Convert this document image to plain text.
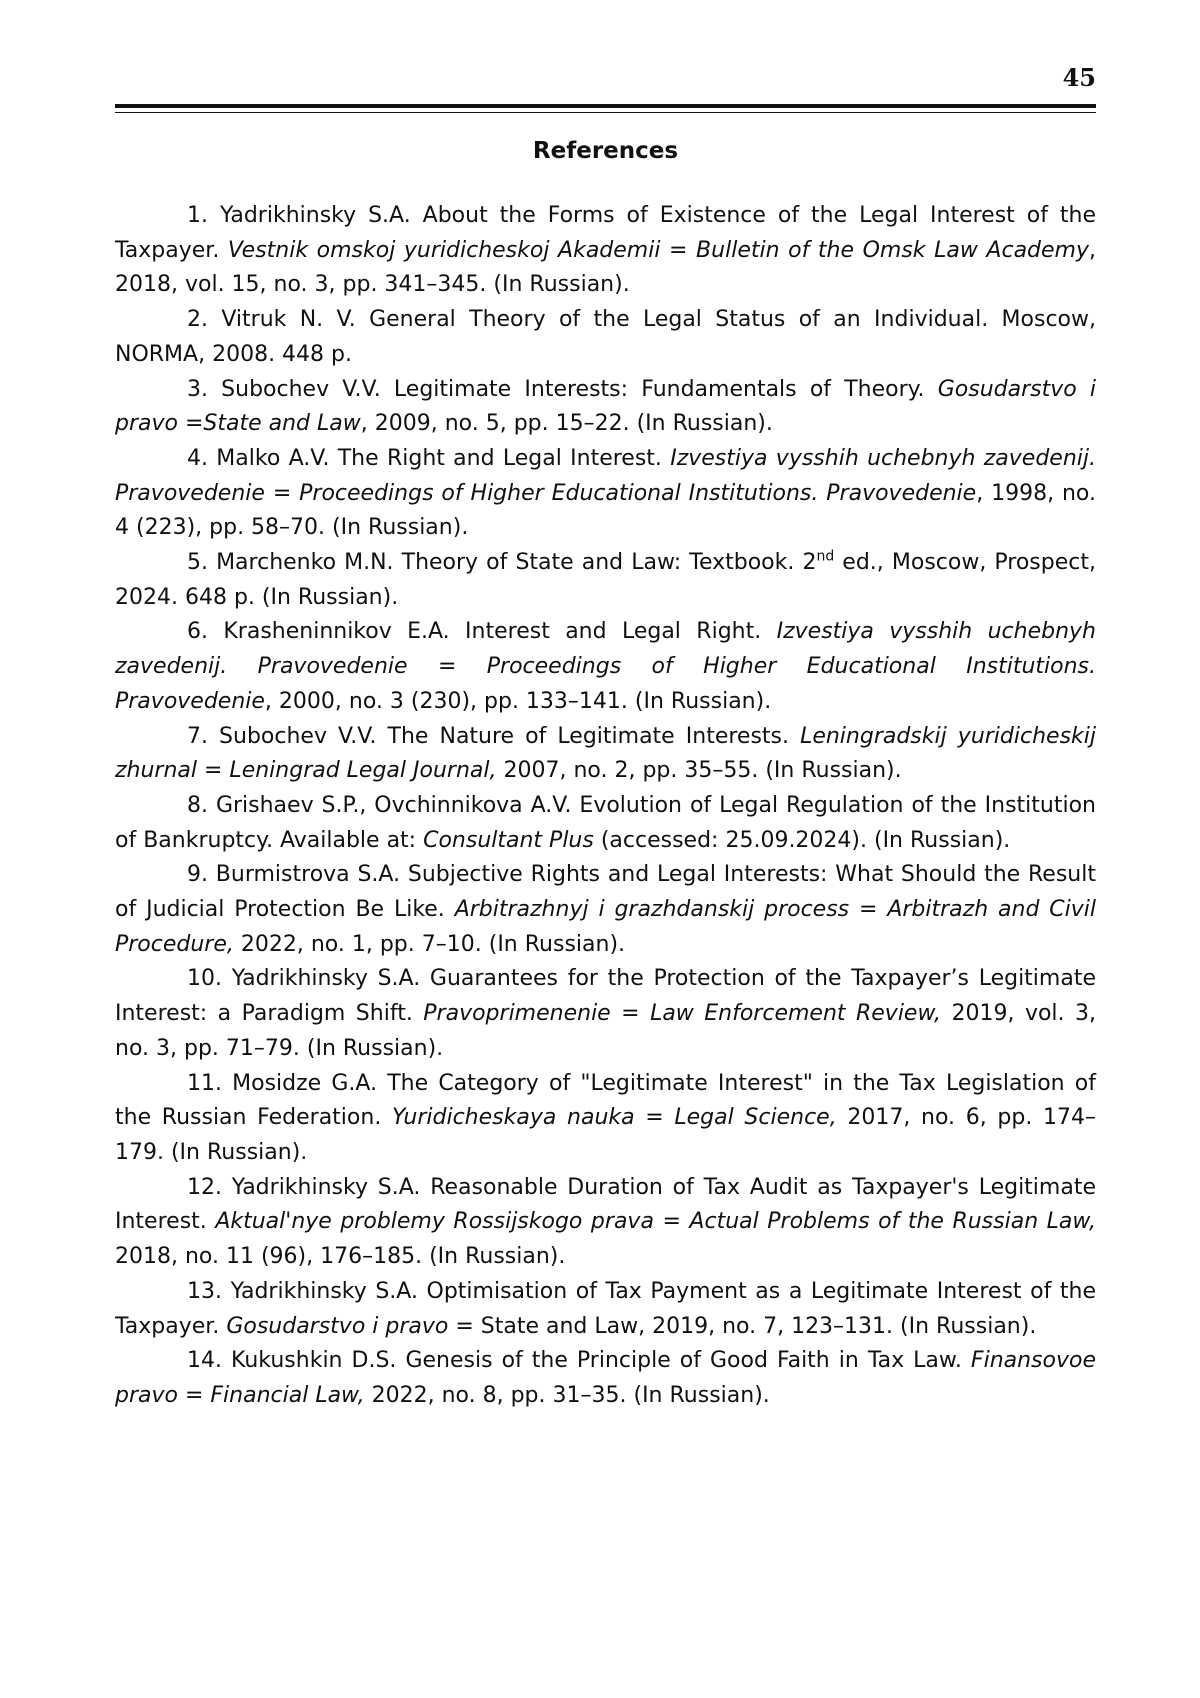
45
References
1. Yadrikhinsky S.A. About the Forms of Existence of the Legal Interest of the Taxpayer. Vestnik omskoj yuridicheskoj Akademii = Bulletin of the Omsk Law Academy, 2018, vol. 15, no. 3, pp. 341–345. (In Russian).
2. Vitruk N. V. General Theory of the Legal Status of an Individual. Moscow, NORMA, 2008. 448 p.
3. Subochev V.V. Legitimate Interests: Fundamentals of Theory. Gosudarstvo i pravo =State and Law, 2009, no. 5, pp. 15–22. (In Russian).
4. Malko A.V. The Right and Legal Interest. Izvestiya vysshih uchebnyh zavedenij. Pravovedenie = Proceedings of Higher Educational Institutions. Pravovedenie, 1998, no. 4 (223), pp. 58–70. (In Russian).
5. Marchenko M.N. Theory of State and Law: Textbook. 2nd ed., Moscow, Prospect, 2024. 648 p. (In Russian).
6. Krasheninnikov E.A. Interest and Legal Right. Izvestiya vysshih uchebnyh zavedenij. Pravovedenie = Proceedings of Higher Educational Institutions. Pravovedenie, 2000, no. 3 (230), pp. 133–141. (In Russian).
7. Subochev V.V. The Nature of Legitimate Interests. Leningradskij yuridicheskij zhurnal = Leningrad Legal Journal, 2007, no. 2, pp. 35–55. (In Russian).
8. Grishaev S.P., Ovchinnikova A.V. Evolution of Legal Regulation of the Institution of Bankruptcy. Available at: Consultant Plus (accessed: 25.09.2024). (In Russian).
9. Burmistrova S.A. Subjective Rights and Legal Interests: What Should the Result of Judicial Protection Be Like. Arbitrazhnyj i grazhdanskij process = Arbitrazh and Civil Procedure, 2022, no. 1, pp. 7–10. (In Russian).
10. Yadrikhinsky S.A. Guarantees for the Protection of the Taxpayer’s Legitimate Interest: a Paradigm Shift. Pravoprimenenie = Law Enforcement Review, 2019, vol. 3, no. 3, pp. 71–79. (In Russian).
11. Mosidze G.A. The Category of "Legitimate Interest" in the Tax Legislation of the Russian Federation. Yuridicheskaya nauka = Legal Science, 2017, no. 6, pp. 174–179. (In Russian).
12. Yadrikhinsky S.A. Reasonable Duration of Tax Audit as Taxpayer's Legitimate Interest. Aktual'nye problemy Rossijskogo prava = Actual Problems of the Russian Law, 2018, no. 11 (96), 176–185. (In Russian).
13. Yadrikhinsky S.A. Optimisation of Tax Payment as a Legitimate Interest of the Taxpayer. Gosudarstvo i pravo = State and Law, 2019, no. 7, 123–131. (In Russian).
14. Kukushkin D.S. Genesis of the Principle of Good Faith in Tax Law. Finansovoe pravo = Financial Law, 2022, no. 8, pp. 31–35. (In Russian).
